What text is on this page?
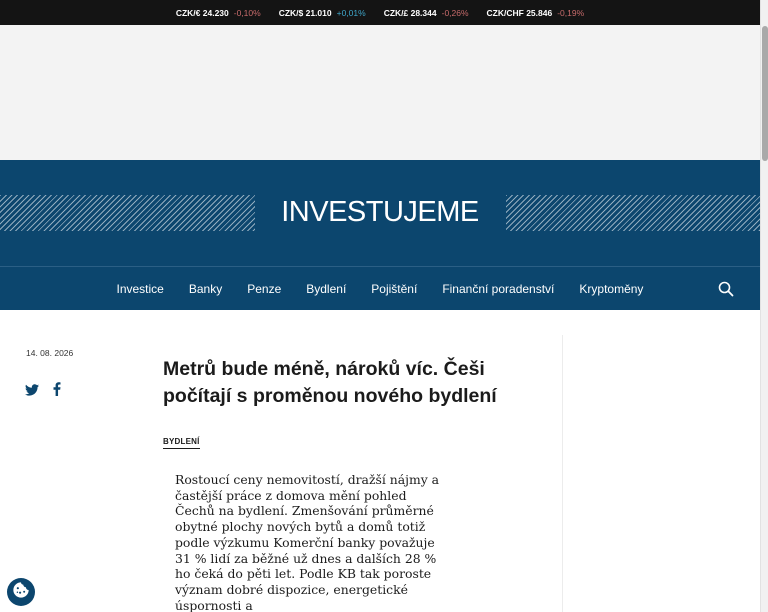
CZK/€ 24.230 -0,10% CZK/$ 21.010 +0,01% CZK/£ 28.344 -0,26% CZK/CHF 25.846 -0,19%
INVESTUJEME
Investice	Banky	Penze	Bydlení	Pojištění	Finanční poradenství	Kryptoměny
14. 08. 2026
Metrů bude méně, nároků víc. Češi počítají s proměnou nového bydlení
BYDLENÍ

Rostoucí ceny nemovitostí, dražší nájmy a častější práce z domova mění pohled Čechů na bydlení. Zmenšování průměrné obytné plochy nových bytů a domů totiž podle výzkumu Komerční banky považuje 31 % lidí za běžné už dnes a dalších 28 % ho čeká do pěti let. Podle KB tak poroste význam dobré dispozice, energetické úspornosti a
